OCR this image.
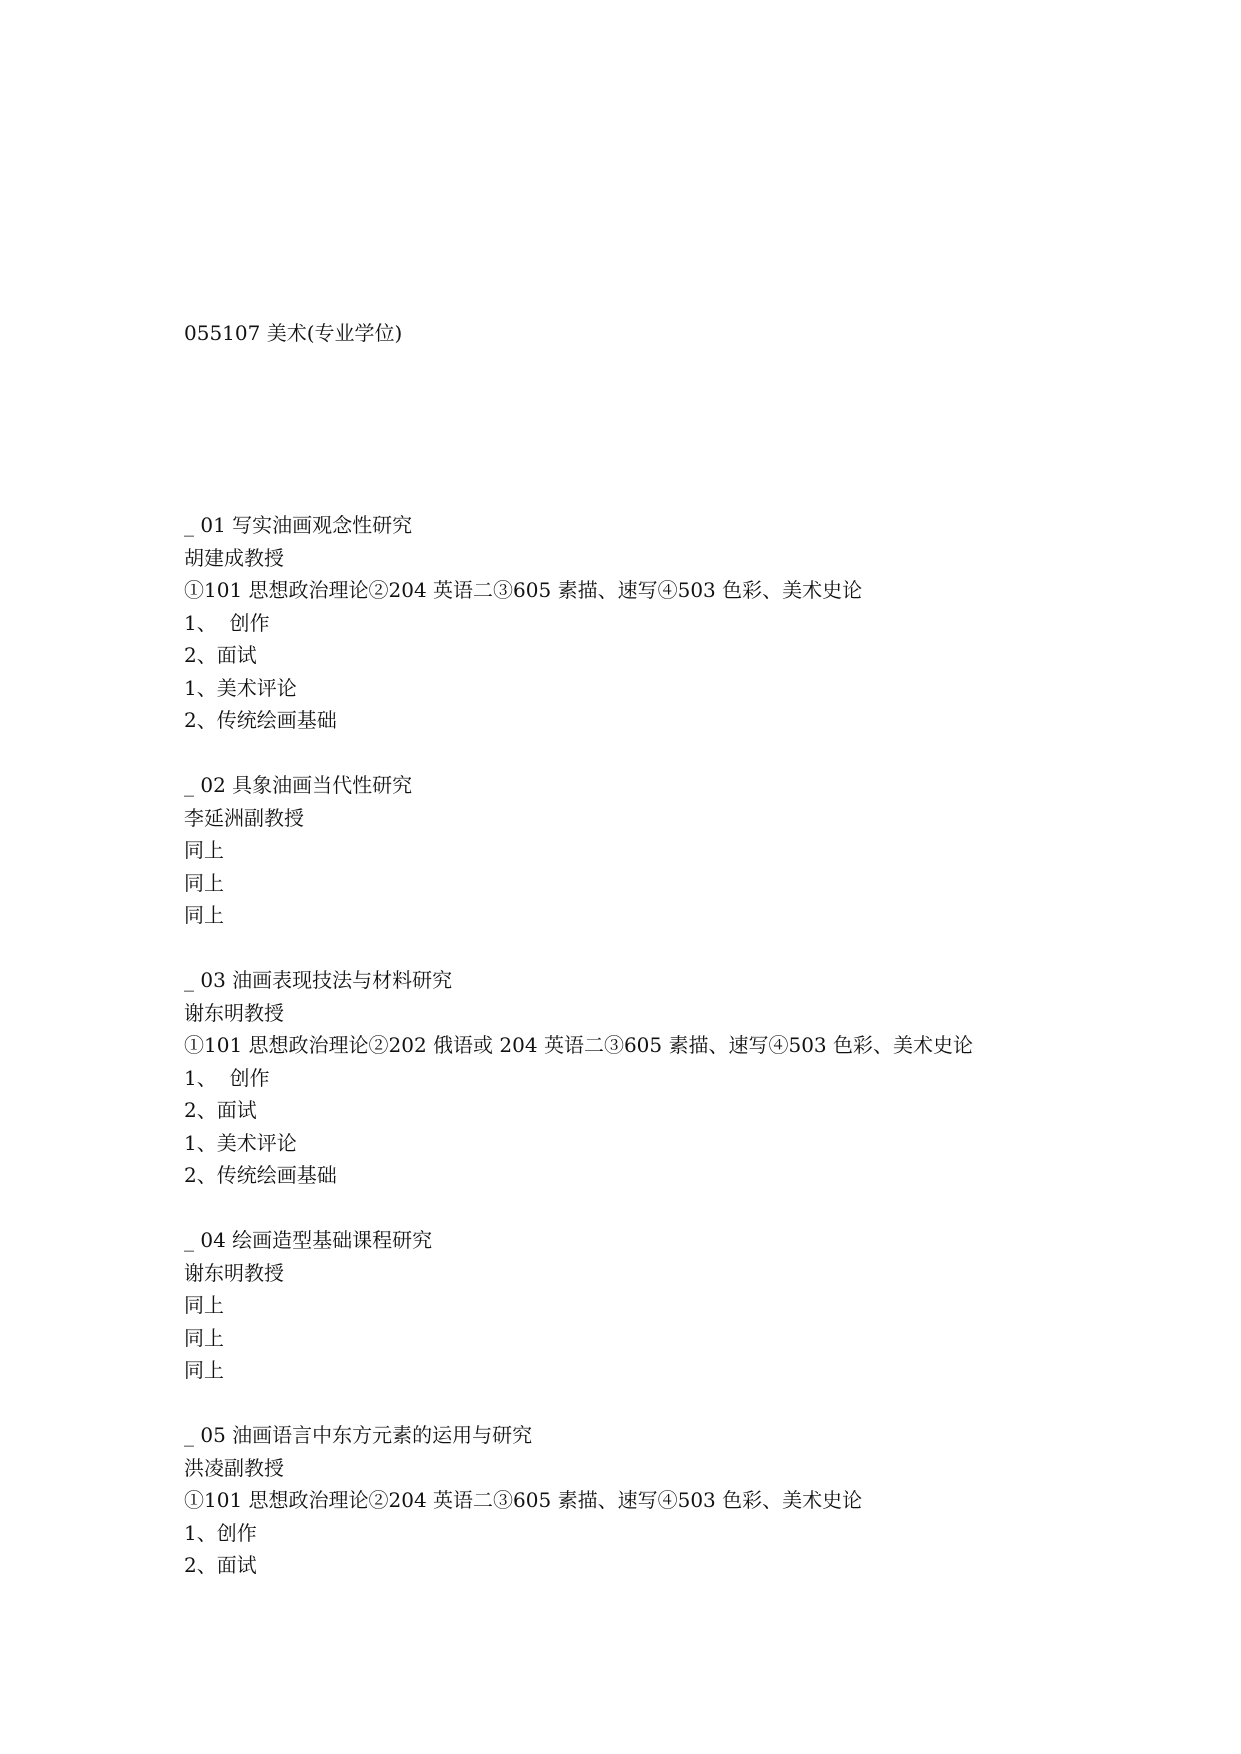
055107 美术(专业学位)
_ 01 写实油画观念性研究
胡建成教授
①101 思想政治理论②204 英语二③605 素描、速写④503 色彩、美术史论
1、  创作
2、面试
1、美术评论
2、传统绘画基础
_ 02 具象油画当代性研究
李延洲副教授
同上
同上
同上
_ 03 油画表现技法与材料研究
谢东明教授
①101 思想政治理论②202 俄语或 204 英语二③605 素描、速写④503 色彩、美术史论
1、  创作
2、面试
1、美术评论
2、传统绘画基础
_ 04 绘画造型基础课程研究
谢东明教授
同上
同上
同上
_ 05 油画语言中东方元素的运用与研究
洪凌副教授
①101 思想政治理论②204 英语二③605 素描、速写④503 色彩、美术史论
1、创作
2、面试
